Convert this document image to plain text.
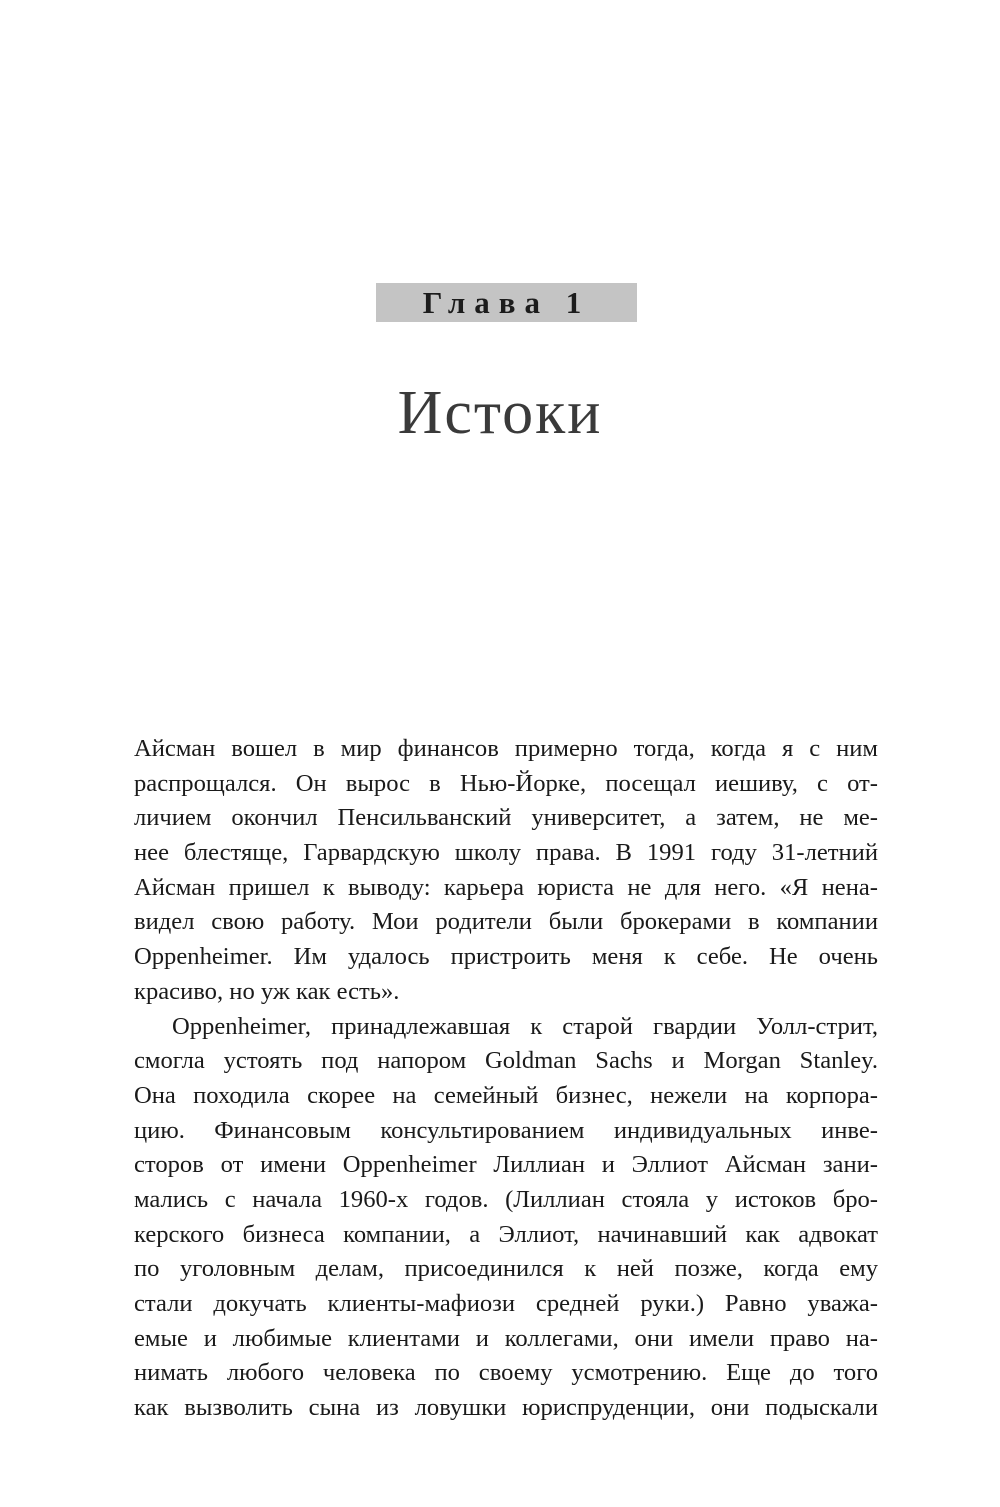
Глава 1
Истоки
Айсман вошел в мир финансов примерно тогда, когда я с ним
распрощался. Он вырос в Нью-Йорке, посещал иешиву, с от-
личием окончил Пенсильванский университет, а затем, не ме-
нее блестяще, Гарвардскую школу права. В 1991 году 31-летний
Айсман пришел к выводу: карьера юриста не для него. «Я нена-
видел свою работу. Мои родители были брокерами в компании
Oppenheimer. Им удалось пристроить меня к себе. Не очень
красиво, но уж как есть».
Oppenheimer, принадлежавшая к старой гвардии Уолл-стрит,
смогла устоять под напором Goldman Sachs и Morgan Stanley.
Она походила скорее на семейный бизнес, нежели на корпора-
цию. Финансовым консультированием индивидуальных инве-
сторов от имени Oppenheimer Лиллиан и Эллиот Айсман зани-
мались с начала 1960-х годов. (Лиллиан стояла у истоков бро-
керского бизнеса компании, а Эллиот, начинавший как адвокат
по уголовным делам, присоединился к ней позже, когда ему
стали докучать клиенты-мафиози средней руки.) Равно уважа-
емые и любимые клиентами и коллегами, они имели право на-
нимать любого человека по своему усмотрению. Еще до того
как вызволить сына из ловушки юриспруденции, они подыскали
